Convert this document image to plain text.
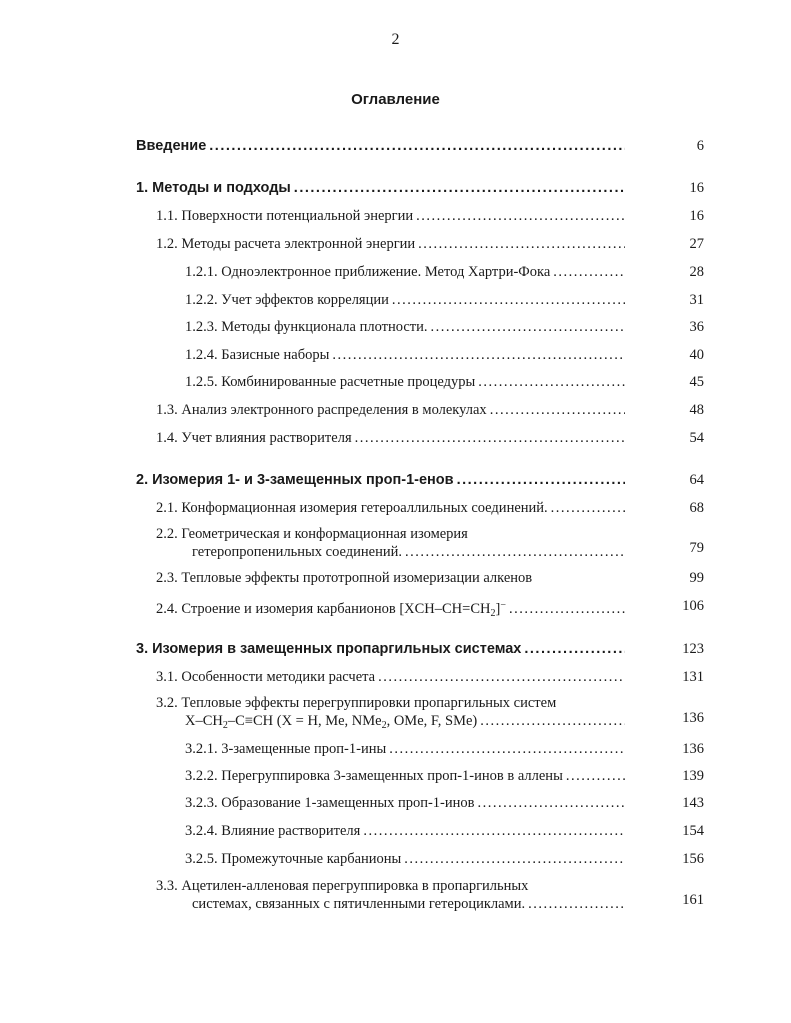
2
Оглавление
Введение .....	6
1. Методы и подходы .....	16
1.1. Поверхности потенциальной энергии .....	16
1.2. Методы расчета электронной энергии .....	27
1.2.1. Одноэлектронное приближение. Метод Хартри-Фока .....	28
1.2.2. Учет эффектов корреляции .....	31
1.2.3. Методы функционала плотности. .....	36
1.2.4. Базисные наборы .....	40
1.2.5. Комбинированные расчетные процедуры .....	45
1.3. Анализ электронного распределения в молекулах .....	48
1.4. Учет влияния растворителя .....	54
2. Изомерия 1- и 3-замещенных проп-1-енов .....	64
2.1. Конформационная изомерия гетероаллильных соединений. .....	68
2.2. Геометрическая и конформационная изомерия
гетеропропенильных соединений. .....	79
2.3. Тепловые эффекты прототропной изомеризации алкенов	99
2.4. Строение и изомерия карбанионов $[XCH-CH=CH_2]^-$ .....	106
3. Изомерия в замещенных пропаргильных системах .....	123
3.1. Особенности методики расчета .....	131
3.2. Тепловые эффекты перегруппировки пропаргильных систем
$X-CH_2-C\equiv CH$ (X = H, Me, NMe$_2$, OMe, F, SMe) .....	136
3.2.1. 3-замещенные проп-1-ины .....	136
3.2.2. Перегруппировка 3-замещенных проп-1-инов в аллены .....	139
3.2.3. Образование 1-замещенных проп-1-инов .....	143
3.2.4. Влияние растворителя .....	154
3.2.5. Промежуточные карбанионы .....	156
3.3. Ацетилен-алленовая перегруппировка в пропаргильных
системах, связанных с пятичленными гетероциклами. .....	161
